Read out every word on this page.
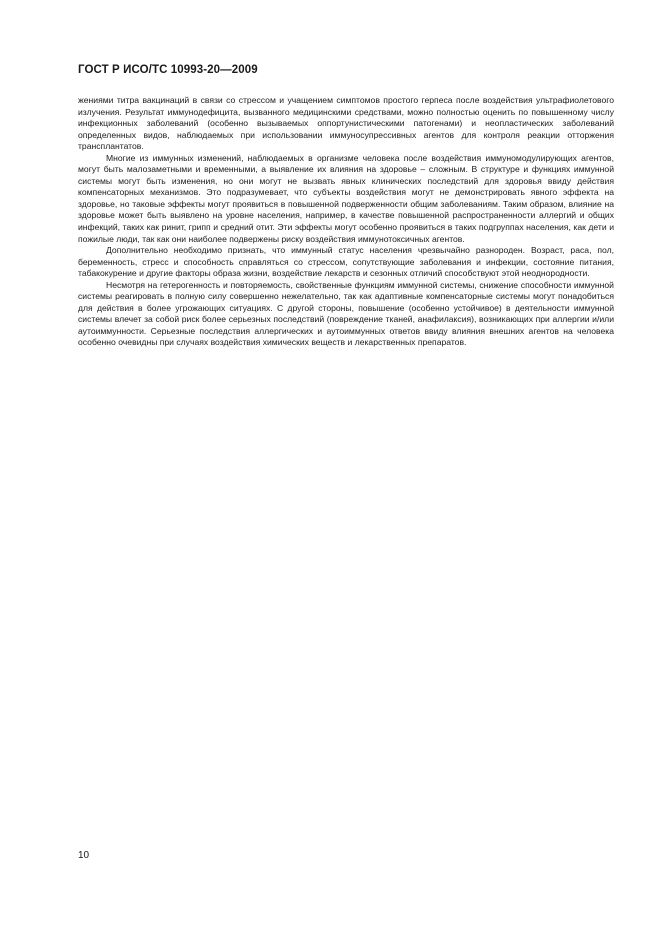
ГОСТ Р ИСО/ТС 10993-20—2009

жениями титра вакцинаций в связи со стрессом и учащением симптомов простого герпеса после воздействия ультрафиолетового излучения. Результат иммунодефицита, вызванного медицинскими средствами, можно полностью оценить по повышенному числу инфекционных заболеваний (особенно вызываемых оппортунистическими патогенами) и неопластических заболеваний определенных видов, наблюдаемых при использовании иммуносупрессивных агентов для контроля реакции отторжения трансплантатов.

Многие из иммунных изменений, наблюдаемых в организме человека после воздействия иммуномодулирующих агентов, могут быть малозаметными и временными, а выявление их влияния на здоровье – сложным. В структуре и функциях иммунной системы могут быть изменения, но они могут не вызвать явных клинических последствий для здоровья ввиду действия компенсаторных механизмов. Это подразумевает, что субъекты воздействия могут не демонстрировать явного эффекта на здоровье, но таковые эффекты могут проявиться в повышенной подверженности общим заболеваниям. Таким образом, влияние на здоровье может быть выявлено на уровне населения, например, в качестве повышенной распространенности аллергий и общих инфекций, таких как ринит, грипп и средний отит. Эти эффекты могут особенно проявиться в таких подгруппах населения, как дети и пожилые люди, так как они наиболее подвержены риску воздействия иммунотоксичных агентов.

Дополнительно необходимо признать, что иммунный статус населения чрезвычайно разнороден. Возраст, раса, пол, беременность, стресс и способность справляться со стрессом, сопутствующие заболевания и инфекции, состояние питания, табакокурение и другие факторы образа жизни, воздействие лекарств и сезонных отличий способствуют этой неоднородности.

Несмотря на гетерогенность и повторяемость, свойственные функциям иммунной системы, снижение способности иммунной системы реагировать в полную силу совершенно нежелательно, так как адаптивные компенсаторные системы могут понадобиться для действия в более угрожающих ситуациях. С другой стороны, повышение (особенно устойчивое) в деятельности иммунной системы влечет за собой риск более серьезных последствий (повреждение тканей, анафилаксия), возникающих при аллергии и/или аутоиммунности. Серьезные последствия аллергических и аутоиммунных ответов ввиду влияния внешних агентов на человека особенно очевидны при случаях воздействия химических веществ и лекарственных препаратов.

10
